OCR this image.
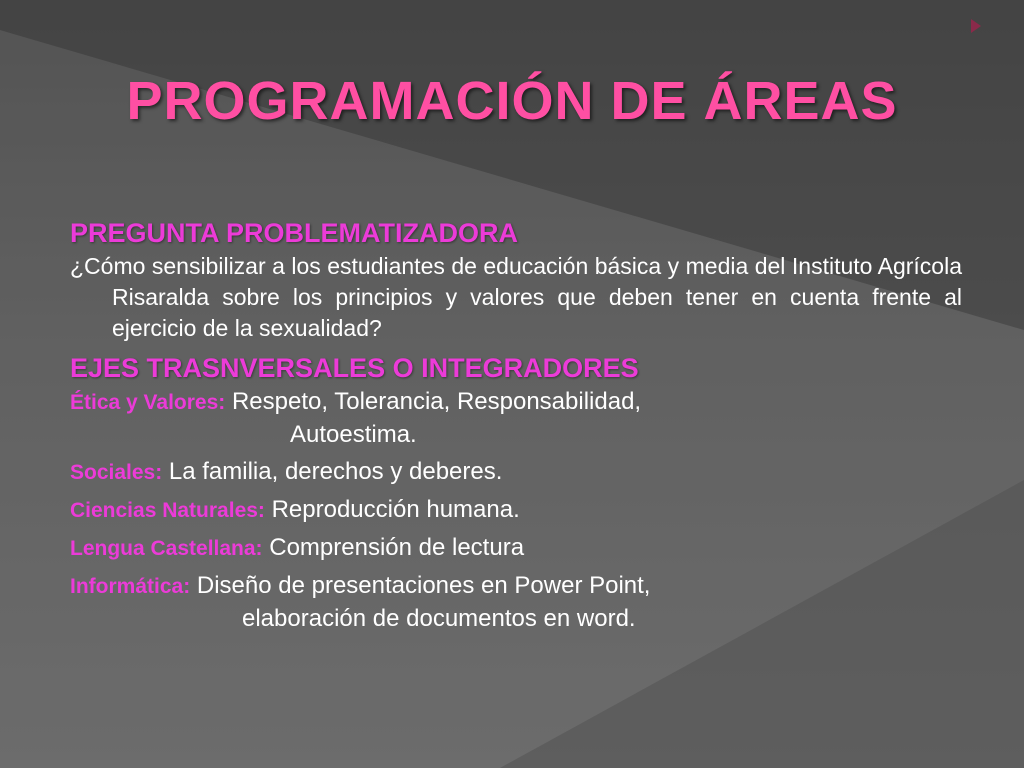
PROGRAMACIÓN DE ÁREAS
PREGUNTA PROBLEMATIZADORA
¿Cómo sensibilizar a los estudiantes de educación básica y media del Instituto Agrícola Risaralda sobre los principios y valores que deben tener en cuenta frente al ejercicio de la sexualidad?
EJES TRASNVERSALES O INTEGRADORES
Ética y Valores: Respeto, Tolerancia, Responsabilidad,
Autoestima.
Sociales: La familia, derechos y deberes.
Ciencias Naturales: Reproducción humana.
Lengua Castellana: Comprensión de lectura
Informática: Diseño de presentaciones en Power Point,
elaboración de documentos en word.
